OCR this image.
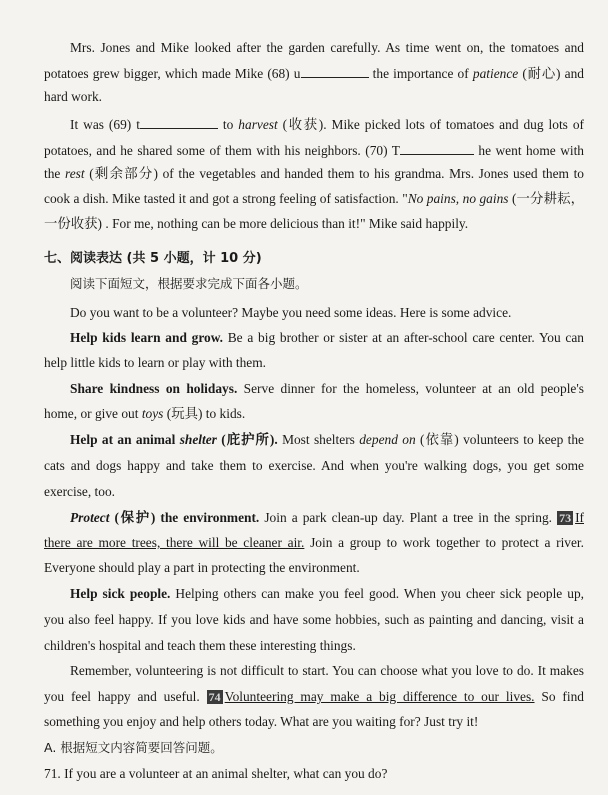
Mrs. Jones and Mike looked after the garden carefully. As time went on, the tomatoes and
potatoes grew bigger, which made Mike (68) u	the importance of patience (耐心) and
hard work.
It was (69) t	to harvest (收获). Mike picked lots of tomatoes and dug lots of
potatoes, and he shared some of them with his neighbors. (70) T	he went home with
the rest (剩余部分) of the vegetables and handed them to his grandma. Mrs. Jones used them to
cook a dish. Mike tasted it and got a strong feeling of satisfaction. "No pains, no gains (一分耕耘，
一份收获) . For me, nothing can be more delicious than it!" Mike said happily.
七、阅读表达 (共 5 小题，计 10 分)
阅读下面短文，根据要求完成下面各小题。
Do you want to be a volunteer? Maybe you need some ideas. Here is some advice.
Help kids learn and grow. Be a big brother or sister at an after-school care center. You can
help little kids to learn or play with them.
Share kindness on holidays. Serve dinner for the homeless, volunteer at an old people's
home, or give out toys (玩具) to kids.
Help at an animal shelter (庇护所). Most shelters depend on (依靠) volunteers to keep the
cats and dogs happy and take them to exercise. And when you're walking dogs, you get some
exercise, too.
Protect (保护) the environment. Join a park clean-up day. Plant a tree in the spring. 73 If
there are more trees, there will be cleaner air. Join a group to work together to protect a river.
Everyone should play a part in protecting the environment.
Help sick people. Helping others can make you feel good. When you cheer sick people up,
you also feel happy. If you love kids and have some hobbies, such as painting and dancing, visit a
children's hospital and teach them these interesting things.
Remember, volunteering is not difficult to start. You can choose what you love to do. It makes
you feel happy and useful. 74 Volunteering may make a big difference to our lives. So find
something you enjoy and help others today. What are you waiting for? Just try it!
A. 根据短文内容简要回答问题。
71. If you are a volunteer at an animal shelter, what can you do?
